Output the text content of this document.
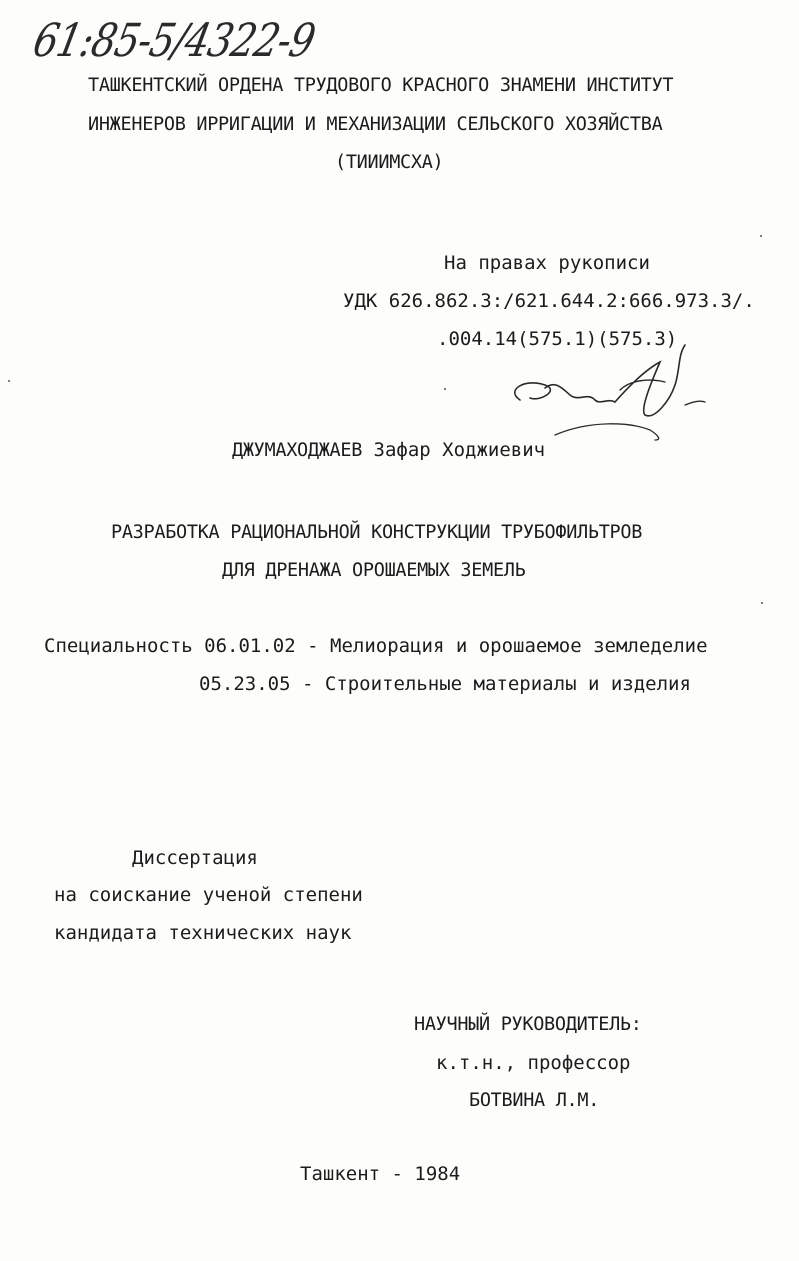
61:85-5/4322-9
ТАШКЕНТСКИЙ ОРДЕНА ТРУДОВОГО КРАСНОГО ЗНАМЕНИ ИНСТИТУТ
ИНЖЕНЕРОВ ИРРИГАЦИИ И МЕХАНИЗАЦИИ СЕЛЬСКОГО ХОЗЯЙСТВА
(ТИИИМСХА)
На правах рукописи
УДК 626.862.3:/621.644.2:666.973.3/.
.004.14(575.1)(575.3)
ДЖУМАХОДЖАЕВ Зафар Ходжиевич
РАЗРАБОТКА РАЦИОНАЛЬНОЙ КОНСТРУКЦИИ ТРУБОФИЛЬТРОВ
ДЛЯ ДРЕНАЖА ОРОШАЕМЫХ ЗЕМЕЛЬ
Специальность 06.01.02 - Мелиорация и орошаемое земледелие
05.23.05 - Строительные материалы и изделия
Диссертация
на соискание ученой степени
кандидата технических наук
НАУЧНЫЙ РУКОВОДИТЕЛЬ:
к.т.н., профессор
БОТВИНА Л.М.
Ташкент - 1984
